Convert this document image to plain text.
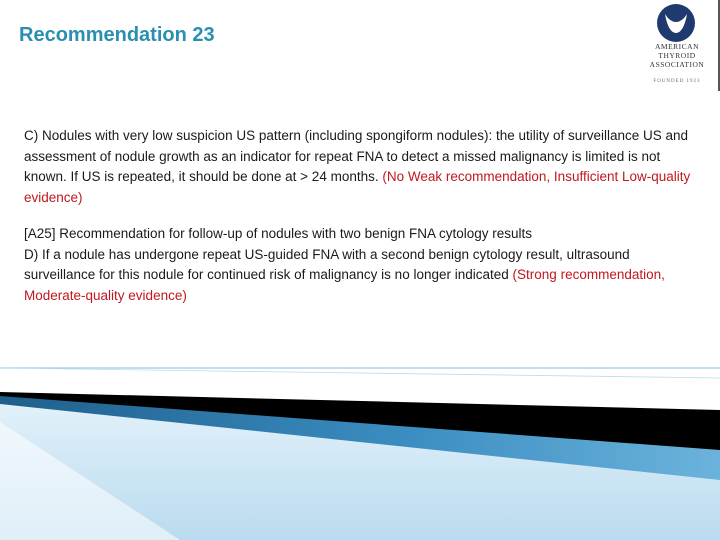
Recommendation 23
AMERICAN
THYROID
ASSOCIATION
FOUNDED 1923

C) Nodules with very low suspicion US pattern (including spongiform nodules): the utility of surveillance US and assessment of nodule growth as an indicator for repeat FNA to detect a missed malignancy is limited is not known. If US is repeated, it should be done at > 24 months. (No Weak recommendation, Insufficient Low-quality evidence)

[A25] Recommendation for follow-up of nodules with two benign FNA cytology results
D) If a nodule has undergone repeat US-guided FNA with a second benign cytology result, ultrasound surveillance for this nodule for continued risk of malignancy is no longer indicated (Strong recommendation, Moderate-quality evidence)
